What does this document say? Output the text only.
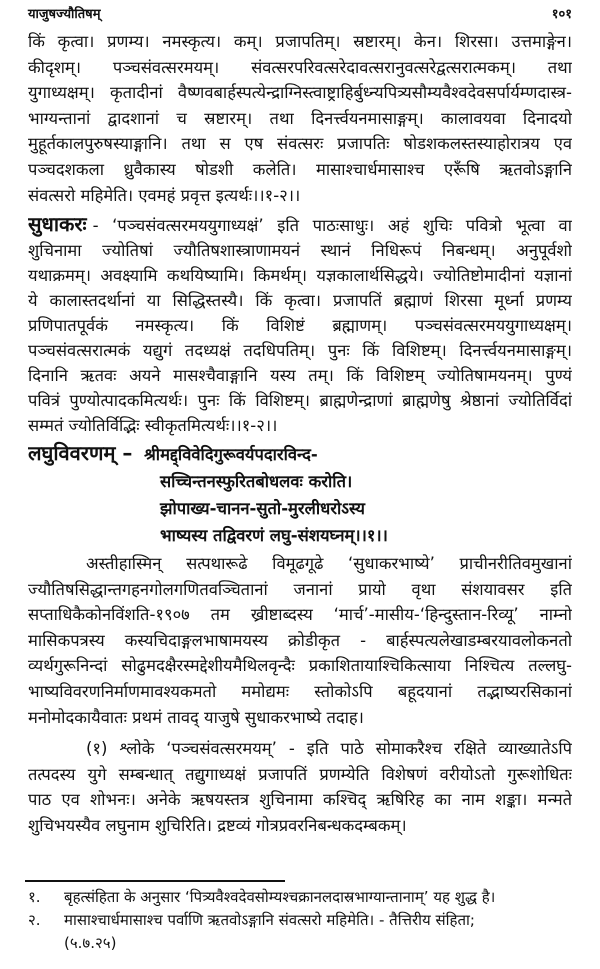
याजुषज्यौतिषम्	१०१
किं कृत्वा। प्रणम्य। नमस्कृत्य। कम्। प्रजापतिम्। स्रष्टारम्। केन। शिरसा। उत्तमाङ्गेन।
कीदृशम्। पञ्चसंवत्सरमयम्। संवत्सरपरिवत्सरेदावत्सरानुवत्सरेद्वत्सरात्मकम्। तथा
युगाध्यक्षम्। कृतादीनां वैष्णवबार्हस्पत्येन्द्राग्निस्त्वाष्ट्राहिर्बुध्न्यपित्र्यसौम्यवैश्वदेवसर्पार्यम्णदास्त्र-
भाग्यन्तानां द्वादशानां च स्रष्टारम्। तथा दिनर्त्त्वयनमासाङ्गम्। कालावयवा दिनादयो
मुहूर्तकालपुरुषस्याङ्गानि। तथा स एष संवत्सरः प्रजापतिः षोडशकलस्तस्याहोरात्रय एव
पञ्चदशकला ध्रुवैकास्य षोडशी कलेति। मासाश्चार्धमासाश्च एरूँषि ऋतवोऽङ्गानि
संवत्सरो महिमेति। एवमहं प्रवृत्त इत्यर्थः।।१-२।।
सुधाकरः - ‘पञ्चसंवत्सरमययुगाध्यक्षं’ इति पाठःसाधुः। अहं शुचिः पवित्रो भूत्वा वा
शुचिनामा ज्योतिषां ज्यौतिषशास्त्राणामयनं स्थानं निधिरूपं निबन्धम्। अनुपूर्वशो
यथाक्रमम्। अवक्ष्यामि कथयिष्यामि। किमर्थम्। यज्ञकालार्थसिद्धये। ज्योतिष्टोमादीनां यज्ञानां
ये कालास्तदर्थानां या सिद्धिस्तस्यै। किं कृत्वा। प्रजापतिं ब्रह्माणं शिरसा मूर्ध्ना प्रणम्य
प्रणिपातपूर्वकं नमस्कृत्य। किं विशिष्टं ब्रह्माणम्। पञ्चसंवत्सरमययुगाध्यक्षम्।
पञ्चसंवत्सरात्मकं यद्युगं तदध्यक्षं तदधिपतिम्। पुनः किं विशिष्टम्। दिनर्त्त्वयनमासाङ्गम्।
दिनानि ऋतवः अयने मासश्चैवाङ्गानि यस्य तम्। किं विशिष्टम् ज्योतिषामयनम्। पुण्यं
पवित्रं पुण्योत्पादकमित्यर्थः। पुनः किं विशिष्टम्। ब्राह्मणेन्द्राणां ब्राह्मणेषु श्रेष्ठानां ज्योतिर्विदां
सम्मतं ज्योतिर्विद्भिः स्वीकृतमित्यर्थः।।१-२।।
लघुविवरणम् – श्रीमद्द्विवेदिगुरूवर्यपदारविन्द-
सच्चिन्तनस्फुरितबोधलवः करोति।
झोपाख्य-चानन-सुतो-मुरलीधरोऽस्य
भाष्यस्य तद्विवरणं लघु-संशयघ्नम्।।१।।
अस्तीहास्मिन् सत्पथारूढे विमूढगूढे ‘सुधाकरभाष्ये’ प्राचीनरीतिवमुखानां
ज्यौतिषसिद्धान्तगहनगोलगणितवञ्चितानां जनानां प्रायो वृथा संशयावसर इति
सप्ताधिकैकोनविंशति-१९०७ तम ख्रीष्टाब्दस्य ‘मार्च’-मासीय-‘हिन्दुस्तान-रिव्यू’ नाम्नो
मासिकपत्रस्य कस्यचिदाङ्गलभाषामयस्य क्रोडीकृत - बार्हस्पत्यलेखाडम्बरयावलोकनतो
व्यर्थगुरूनिन्दां सोढुमदक्षैरस्मद्देशीयमैथिलवृन्दैः प्रकाशितायाश्चिकित्साया निश्चित्य तल्लघु-
भाष्यविवरणनिर्माणमावश्यकमतो ममोद्यमः स्तोकोऽपि बहूदयानां तद्भाष्यरसिकानां
मनोमोदकायैवातः प्रथमं तावद् याजुषे सुधाकरभाष्ये तदाह।
(१) श्लोके ‘पञ्चसंवत्सरमयम्’ - इति पाठे सोमाकरैश्च रक्षिते व्याख्यातेऽपि
तत्पदस्य युगे सम्बन्धात् तद्युगाध्यक्षं प्रजापतिं प्रणम्येति विशेषणं वरीयोऽतो गुरूशोधितः
पाठ एव शोभनः। अनेके ऋषयस्तत्र शुचिनामा कश्चिद् ऋषिरिह का नाम शङ्का। मन्मते
शुचिभयस्यैव लघुनाम शुचिरिति। द्रष्टव्यं गोत्रप्रवरनिबन्धकदम्बकम्।
१.	बृहत्संहिता के अनुसार ‘पित्र्यवैश्वदेवसोम्यश्चक्रानलदास्रभाग्यान्तानाम्’ यह शुद्ध है।
२.	मासाश्चार्धमासाश्च पर्वाणि ऋतवोऽङ्गानि संवत्सरो महिमेति। - तैत्तिरीय संहिता;
(५.७.२५)
